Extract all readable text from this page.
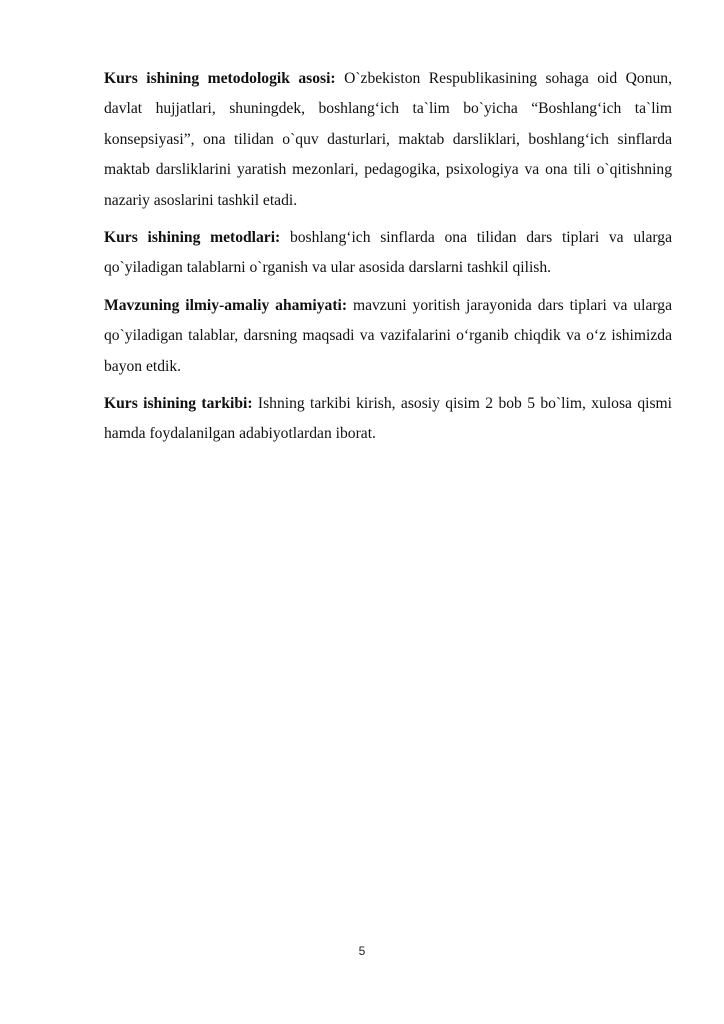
Kurs ishining metodologik asosi: O`zbekiston Respublikasining sohaga oid Qonun, davlat hujjatlari, shuningdek, boshlang‘ich ta`lim bo`yicha “Boshlang‘ich ta`lim konsepsiyasi”, ona tilidan o`quv dasturlari, maktab darsliklari, boshlang‘ich sinflarda maktab darsliklarini yaratish mezonlari, pedagogika, psixologiya va ona tili o`qitishning nazariy asoslarini tashkil etadi.

Kurs ishining metodlari: boshlang‘ich sinflarda ona tilidan dars tiplari va ularga qo`yiladigan talablarni o`rganish va ular asosida darslarni tashkil qilish.

Mavzuning ilmiy-amaliy ahamiyati: mavzuni yoritish jarayonida dars tiplari va ularga qo`yiladigan talablar, darsning maqsadi va vazifalarini o‘rganib chiqdik va o‘z ishimizda bayon etdik.

Kurs ishining tarkibi: Ishning tarkibi kirish, asosiy qisim 2 bob 5 bo`lim, xulosa qismi hamda foydalanilgan adabiyotlardan iborat.

5
